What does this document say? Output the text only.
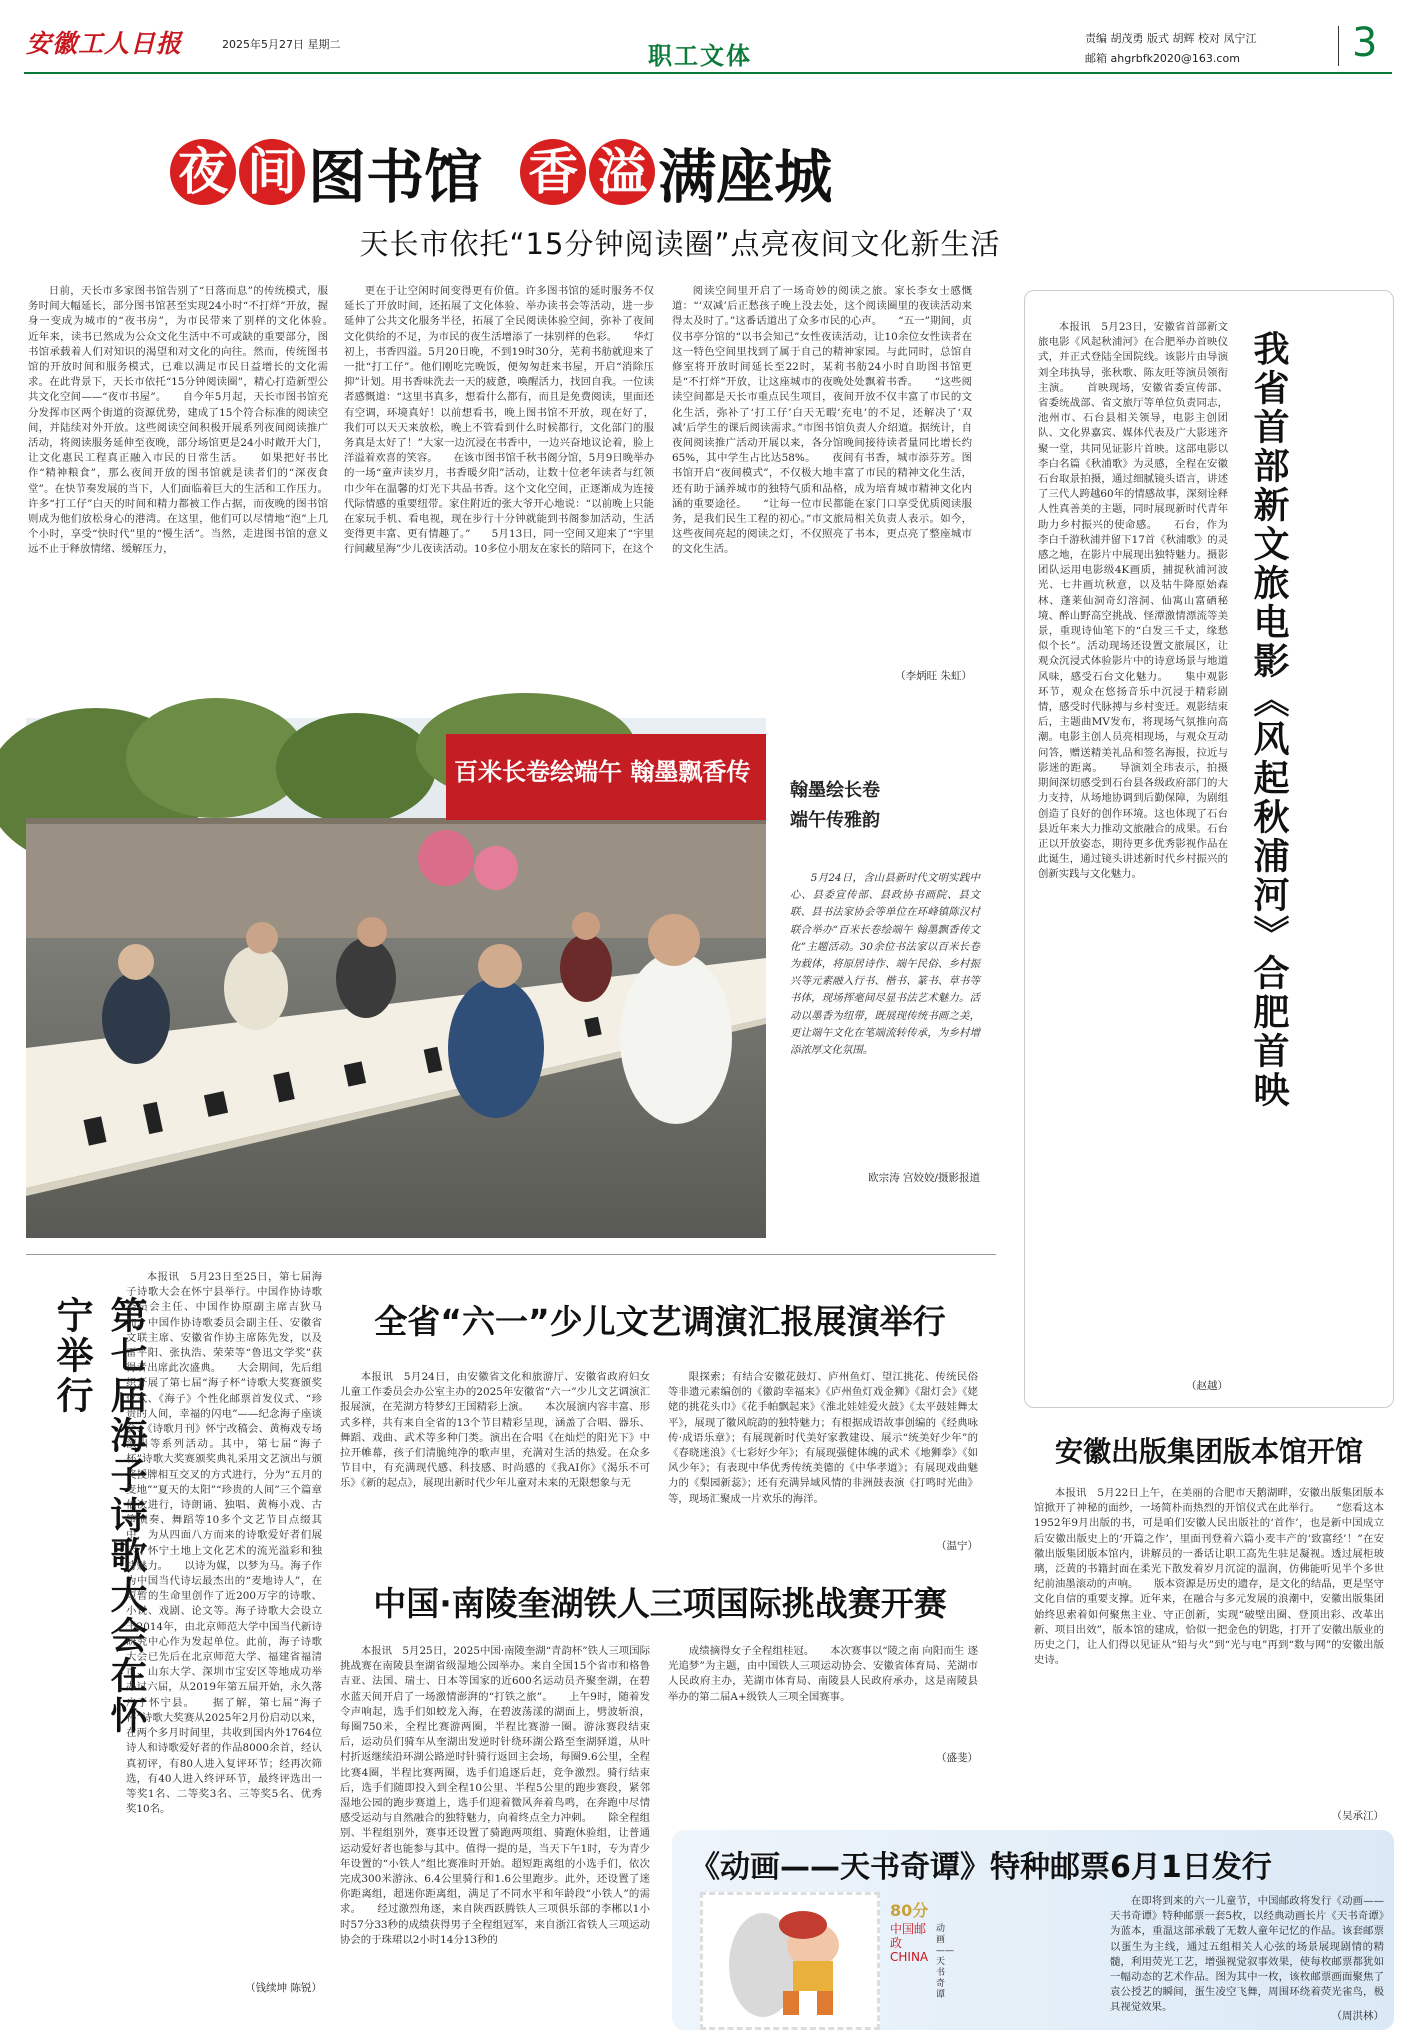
安徽工人日报	2025年5月27日 星期二	职工文体
责编 胡茂勇 版式 胡辉 校对 凤宁江
邮箱 ahgrbfk2020@163.com	3
夜 间 图书馆 香 溢 满座城
天长市依托“15分钟阅读圈”点亮夜间文化新生活
日前，天长市多家图书馆告别了“日落而息”的传统模式，服务时间大幅延长，部分图书馆甚至实现24小时“不打烊”开放，握身一变成为城市的“夜书房”，为市民带来了别样的文化体验。　　近年来，读书已然成为公众文化生活中不可或缺的重要部分，图书馆承载着人们对知识的渴望和对文化的向往。然而，传统图书馆的开放时间和服务模式，已难以满足市民日益增长的文化需求。在此背景下，天长市依托“15分钟阅读圈”，精心打造新型公共文化空间——“夜市书屋”。　　自今年5月起，天长市图书馆充分发挥市区两个街道的资源优势，建成了15个符合标准的阅读空间，并陆续对外开放。这些阅读空间积极开展系列夜间阅读推广活动，将阅读服务延伸至夜晚，部分场馆更是24小时敞开大门，让文化惠民工程真正融入市民的日常生活。　　如果把好书比作“精神粮食”，那么夜间开放的图书馆就是读者们的“深夜食堂”。在快节奏发展的当下，人们面临着巨大的生活和工作压力。许多“打工仔”白天的时间和精力都被工作占据，而夜晚的图书馆则成为他们放松身心的港湾。在这里，他们可以尽情地“泡”上几个小时，享受“快时代”里的“慢生活”。当然，走进图书馆的意义远不止于释放情绪、缓解压力，
更在于让空闲时间变得更有价值。许多图书馆的延时服务不仅延长了开放时间，还拓展了文化体验、举办读书会等活动，进一步延伸了公共文化服务半径，拓展了全民阅读体验空间，弥补了夜间文化供给的不足，为市民的夜生活增添了一抹别样的色彩。　　华灯初上，书香四溢。5月20日晚，不到19时30分，芜莉书舫就迎来了一批“打工仔”。他们刚吃完晚饭，便匆匆赶来书屋，开启“消除压抑”计划。用书香味洗去一天的疲惫，唤醒活力，找回自我。一位读者感慨道：“这里书真多，想看什么都有，而且是免费阅读，里面还有空调，环境真好！以前想看书，晚上图书馆不开放，现在好了，我们可以天天来放松，晚上不管看到什么时候都行，文化部门的服务真是太好了！”大家一边沉浸在书香中，一边兴奋地议论着，脸上洋溢着欢喜的笑容。　　在该市图书馆千秋书阁分馆，5月9日晚举办的一场“童声读岁月，书香暖夕阳”活动，让数十位老年读者与红领巾少年在温馨的灯光下共品书香。这个文化空间，正逐渐成为连接代际情感的重要纽带。家住附近的张大爷开心地说：“以前晚上只能在家玩手机、看电视，现在步行十分钟就能到书阁参加活动，生活变得更丰富、更有情趣了。”　　5月13日，同一空间又迎来了“宇里行间藏星海”少儿夜读活动。10多位小朋友在家长的陪同下，在这个
阅读空间里开启了一场奇妙的阅读之旅。家长李女士感慨道：“‘双减’后正愁孩子晚上没去处，这个阅读圈里的夜读活动来得太及时了。”这番话道出了众多市民的心声。　　“五一”期间，贞仪书亭分馆的“以书会知己”女性夜读活动，让10余位女性读者在这一特色空间里找到了属于自己的精神家园。与此同时，总馆自修室将开放时间延长至22时，某莉书舫24小时自助图书馆更是“不打烊”开放，让这座城市的夜晚处处飘着书香。　　“这些阅读空间都是天长市重点民生项目，夜间开放不仅丰富了市民的文化生活，弥补了‘打工仔’白天无暇‘充电’的不足，还解决了‘双减’后学生的课后阅读需求。”市图书馆负责人介绍道。据统计，自夜间阅读推广活动开展以来，各分馆晚间接待读者量同比增长约65%，其中学生占比达58%。　　夜间有书香，城市添芬芳。图书馆开启“夜间模式”，不仅极大地丰富了市民的精神文化生活，还有助于涵养城市的独特气质和品格，成为培育城市精神文化内涵的重要途径。　　“让每一位市民都能在家门口享受优质阅读服务，是我们民生工程的初心。”市文旅局相关负责人表示。如今，这些夜间亮起的阅读之灯，不仅照亮了书本，更点亮了整座城市的文化生活。
（李炳旺 朱虹）	我省首部新文旅电影《风起秋浦河》合肥首映
本报讯　5月23日，安徽省首部新文旅电影《风起秋浦河》在合肥举办首映仪式，并正式登陆全国院线。该影片由导演刘全玮执导，张秋歌、陈友旺等演员领衔主演。　　首映现场，安徽省委宣传部、省委统战部、省文旅厅等单位负责同志，池州市、石台县相关领导，电影主创团队、文化界嘉宾、媒体代表及广大影迷齐聚一堂，共同见证影片首映。这部电影以李白名篇《秋浦歌》为灵感，全程在安徽石台取景拍摄，通过细腻镜头语言，讲述了三代人跨越60年的情感故事，深刻诠释人性真善美的主题，同时展现新时代青年助力乡村振兴的使命感。　　石台，作为李白千游秋浦并留下17首《秋浦歌》的灵感之地，在影片中展现出独特魅力。摄影团队运用电影级4K画质，捕捉秋浦河波光、七井画坑秋意，以及牯牛降原始森林、蓬莱仙洞奇幻溶洞、仙寓山富硒秘境、醉山野高空挑战、怪潭激情漂流等美景，重现诗仙笔下的“白发三千丈，缘愁似个长”。活动现场还设置文旅展区，让观众沉浸式体验影片中的诗意场景与地道风味，感受石台文化魅力。　　集中观影环节，观众在悠扬音乐中沉浸于精彩剧情，感受时代脉搏与乡村变迁。观影结束后，主题曲MV发布，将现场气氛推向高潮。电影主创人员亮相现场，与观众互动问答，赠送精美礼品和签名海报，拉近与影迷的距离。　　导演刘全玮表示，拍摄期间深切感受到石台县各级政府部门的大力支持，从场地协调到后勤保障，为剧组创造了良好的创作环境。这也体现了石台县近年来大力推动文旅融合的成果。石台正以开放姿态，期待更多优秀影视作品在此诞生，通过镜头讲述新时代乡村振兴的创新实践与文化魅力。
（赵越）
百米长卷绘端午 翰墨飘香传
翰墨绘长卷
端午传雅韵
5月24日，含山县新时代文明实践中心、县委宣传部、县政协书画院、县文联、县书法家协会等单位在环峰镇陈汉村联合举办“百米长卷绘端午 翰墨飘香传文化”主题活动。30余位书法家以百米长卷为载体，将原居诗作、端午民俗、乡村振兴等元素融入行书、楷书、篆书、草书等书体，现场挥毫间尽显书法艺术魅力。活动以墨香为纽带，既展现传统书画之美，更让端午文化在笔端流转传承，为乡村增添浓厚文化氛围。
欧宗涛 宫姣姣/摄影报道
第七届海子诗歌大会在怀宁举行
本报讯　5月23日至25日，第七届海子诗歌大会在怀宁县举行。中国作协诗歌委员会主任、中国作协原副主席吉狄马加，中国作协诗歌委员会副主任、安徽省文联主席、安徽省作协主席陈先发，以及雷平阳、张执浩、荣荣等“鲁迅文学奖”获得者出席此次盛典。　　大会期间，先后组织开展了第七届“海子杯”诗歌大奖赛颁奖仪式、《海子》个性化邮票首发仪式、“珍贵的人间，幸福的闪电”——纪念海子座谈会、《诗歌月刊》怀宁改稿会、黄梅戏专场演出等系列活动。其中，第七届“海子杯”诗歌大奖赛颁奖典礼采用文艺演出与颁奖授牌相互交叉的方式进行，分为“五月的麦地”“夏天的太阳”“珍贵的人间”三个篇章依次进行，诗朗诵、独唱、黄梅小戏、古筝演奏、舞蹈等10多个文艺节目点缀其中，为从四面八方而来的诗歌爱好者们展示了怀宁土地上文化艺术的流光溢彩和独特魅力。　　以诗为媒，以梦为马。海子作为中国当代诗坛最杰出的“麦地诗人”，在短暂的生命里创作了近200万字的诗歌、小说、戏剧、论文等。海子诗歌大会设立于2014年，由北京师范大学中国当代新诗研究中心作为发起单位。此前，海子诗歌大会已先后在北京师范大学、福建省福清市、山东大学、深圳市宝安区等地成功举办过六届，从2019年第五届开始，永久落户于怀宁县。　　据了解，第七届“海子杯”诗歌大奖赛从2025年2月份启动以来，在两个多月时间里，共收到国内外1764位诗人和诗歌爱好者的作品8000余首，经认真初评，有80人进入复评环节；经再次筛选，有40人进入终评环节，最终评选出一等奖1名、二等奖3名、三等奖5名、优秀奖10名。
（钱续坤 陈锐）
全省“六一”少儿文艺调演汇报展演举行
本报讯　5月24日，由安徽省文化和旅游厅、安徽省政府妇女儿童工作委员会办公室主办的2025年安徽省“六一”少儿文艺调演汇报展演，在芜湖方特梦幻王国精彩上演。　　本次展演内容丰富、形式多样，共有来自全省的13个节目精彩呈现，涵盖了合唱、器乐、舞蹈、戏曲、武术等多种门类。演出在合唱《在灿烂的阳光下》中拉开帷幕，孩子们清脆纯净的歌声里，充满对生活的热爱。在众多节目中，有充满现代感、科技感、时尚感的《我AI你》《渴乐不可乐》《新的起点》，展现出新时代少年儿童对未来的无限想象与无
限探索；有结合安徽花鼓灯、庐州鱼灯、望江挑花、传统民俗等非遗元素编创的《徽韵幸福来》《庐州鱼灯戏金狮》《甜灯会》《姥姥的挑花头巾》《花手帕飘起来》《淮北娃娃爱火鼓》《太平鼓娃舞太平》，展现了徽风皖韵的独特魅力；有根据成语故事创编的《经典咏传·成语乐章》；有展现新时代美好家教建设、展示“统美好少年”的《春晓迷浪》《七彩好少年》；有展现强健体魄的武术《地狮拳》《如风少年》；有表现中华优秀传统美德的《中华孝道》；有展现戏曲魅力的《梨园新蕊》；还有充满异域风情的非洲鼓表演《打鸣时光曲》等，现场汇聚成一片欢乐的海洋。
（温宁）
中国·南陵奎湖铁人三项国际挑战赛开赛
本报讯　5月25日，2025中国·南陵奎湖“青韵杯”铁人三项国际挑战赛在南陵县奎湖省级湿地公园举办。来自全国15个省市和格鲁吉亚、法国、瑞士、日本等国家的近600名运动员齐聚奎湖，在碧水蓝天间开启了一场激情澎湃的“打铁之旅”。　　上午9时，随着发令声响起，选手们如蛟龙入海，在碧波荡漾的湖面上，劈波斩浪，每圈750米，全程比赛游两圈，半程比赛游一圈。游泳赛段结束后，运动员们骑车从奎湖出发逆时针绕环湖公路至奎湖驿道，从叶村折返继续沿环湖公路逆时针骑行返回主会场，每圈9.6公里，全程比赛4圈，半程比赛两圈，选手们追逐后赶，竞争激烈。骑行结束后，选手们随即投入到全程10公里、半程5公里的跑步赛段，紧邻湿地公园的跑步赛道上，选手们迎着微风奔着鸟鸣，在奔跑中尽情感受运动与自然融合的独特魅力，向着终点全力冲刺。　　除全程组别、半程组别外，赛事还设置了骑跑两项组、骑跑休验组，让普通运动爱好者也能参与其中。值得一提的是，当天下午1时，专为青少年设置的“小铁人”组比赛准时开始。超短距离组的小选手们，依次完成300米游泳、6.4公里骑行和1.6公里跑步。此外，还设置了迷你距离组，超迷你距离组，满足了不同水平和年龄段“小铁人”的需求。　　经过激烈角逐，来自陕西跃腾铁人三项俱乐部的李郴以1小时57分33秒的成绩获得男子全程组冠军，来自浙江省铁人三项运动协会的于珠珺以2小时14分13秒的
成绩摘得女子全程组桂冠。　　本次赛事以“陵之南 向阳而生 逐光追梦”为主题，由中国铁人三项运动协会、安徽省体育局、芜湖市人民政府主办，芜湖市体育局、南陵县人民政府承办，这是南陵县举办的第二届A+级铁人三项全国赛事。
（盛斐）
安徽出版集团版本馆开馆
本报讯　5月22日上午，在美丽的合肥市天鹅湖畔，安徽出版集团版本馆掀开了神秘的面纱，一场简朴而热烈的开馆仪式在此举行。　　“您看这本1952年9月出版的书，可是咱们安徽人民出版社的‘首作’，也是新中国成立后安徽出版史上的‘开篇之作’，里面刊登着六篇小麦丰产的‘致富经’！”在安徽出版集团版本馆内，讲解员的一番话让职工高先生驻足凝视。透过展柜玻璃，泛黄的书籍封面在柔光下散发着岁月沉淀的温润，仿佛能听见半个多世纪前油墨滚动的声响。　　版本资源是历史的遗存，是文化的结晶，更是坚守文化自信的重要支撑。近年来，在融合与多元发展的浪潮中，安徽出版集团始终思索着如何聚焦主业、守正创新，实现“破壁出圈、登顶出彩、改革出新、项目出效”，版本馆的建成，恰似一把金色的钥匙，打开了安徽出版业的历史之门，让人们得以见证从“铅与火”到“光与电”再到“数与网”的安徽出版史诗。
（吴承江）
《动画——天书奇谭》特种邮票6月1日发行
80分
中国邮政 CHINA
动画——天书奇谭
在即将到来的六一儿童节，中国邮政将发行《动画——天书奇谭》特种邮票一套5枚，以经典动画长片《天书奇谭》为蓝本，重温这部承载了无数人童年记忆的作品。该套邮票以蛋生为主线，通过五组相关人心弦的场景展现剧情的精髓，利用荧光工艺，增强视觉叙事效果，使每枚邮票都犹如一幅动态的艺术作品。图为其中一枚，该枚邮票画面聚焦了袁公授艺的瞬间，蛋生凌空飞舞，周围环绕着荧光雀鸟，极具视觉效果。
（周洪林）
